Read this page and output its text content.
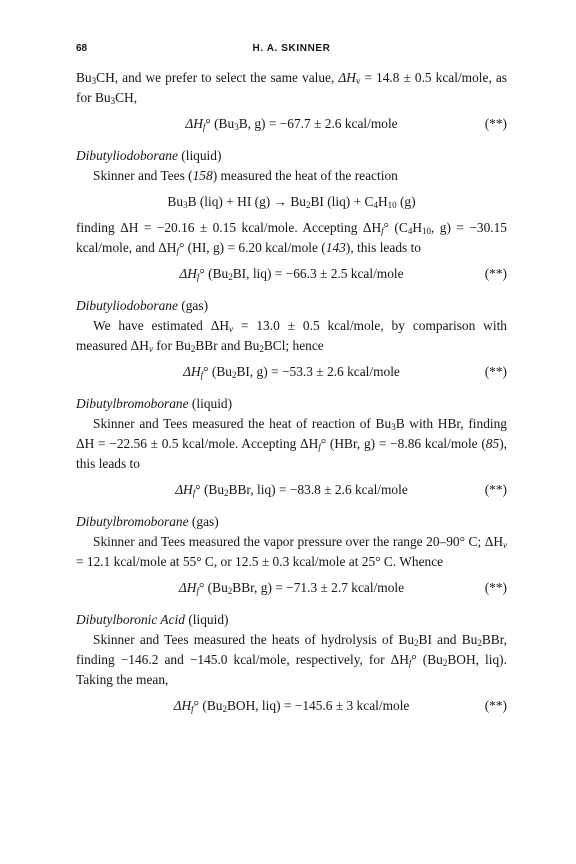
68	H. A. SKINNER

$Bu_3CH$, and we prefer to select the same value, $\Delta H_v = 14.8 \pm 0.5$ kcal/mole, as for $Bu_3CH$,

$\Delta H_f^\circ$ ($Bu_3B$, g) = −67.7 ± 2.6 kcal/mole	(**)

Dibutyliodoborane (liquid)

Skinner and Tees (158) measured the heat of the reaction

$Bu_3B$ (liq) + HI $(g) \to Bu_2BI$ $(liq) + C_4H_{10}$ (g)

finding ΔH = −20.16 ± 0.15 kcal/mole. Accepting $\Delta H_f^\circ$ ($C_4H_{10}$, g) = −30.15 kcal/mole, and $\Delta H_f^\circ$ (HI, g) = 6.20 kcal/mole (143), this leads to

$\Delta H_f^\circ$ ($Bu_2BI$, liq) = −66.3 ± 2.5 kcal/mole	(**)

Dibutyliodoborane (gas)

We have estimated $\Delta H_v = 13.0 \pm 0.5$ kcal/mole, by comparison with measured $\Delta H_v$ for $Bu_2BBr$ and $Bu_2BCl$; hence

$\Delta H_f^\circ$ ($Bu_2BI$, g) = −53.3 ± 2.6 kcal/mole	(**)

Dibutylbromoborane (liquid)

Skinner and Tees measured the heat of reaction of $Bu_3B$ with HBr, finding ΔH = −22.56 ± 0.5 kcal/mole. Accepting $\Delta H_f^\circ$ (HBr, g) = −8.86 kcal/mole (85), this leads to

$\Delta H_f^\circ$ ($Bu_2BBr$, liq) = −83.8 ± 2.6 kcal/mole	(**)

Dibutylbromoborane (gas)

Skinner and Tees measured the vapor pressure over the range 20–90° C; $\Delta H_v = 12.1$ kcal/mole at 55° C, or 12.5 ± 0.3 kcal/mole at 25° C. Whence

$\Delta H_f^\circ$ ($Bu_2BBr$, g) = −71.3 ± 2.7 kcal/mole	(**)

Dibutylboronic Acid (liquid)

Skinner and Tees measured the heats of hydrolysis of $Bu_2BI$ and $Bu_2BBr$, finding −146.2 and −145.0 kcal/mole, respectively, for $\Delta H_f^\circ$ ($Bu_2BOH$, liq). Taking the mean,

$\Delta H_f^\circ$ ($Bu_2BOH$, liq) = −145.6 ± 3 kcal/mole	(**)
